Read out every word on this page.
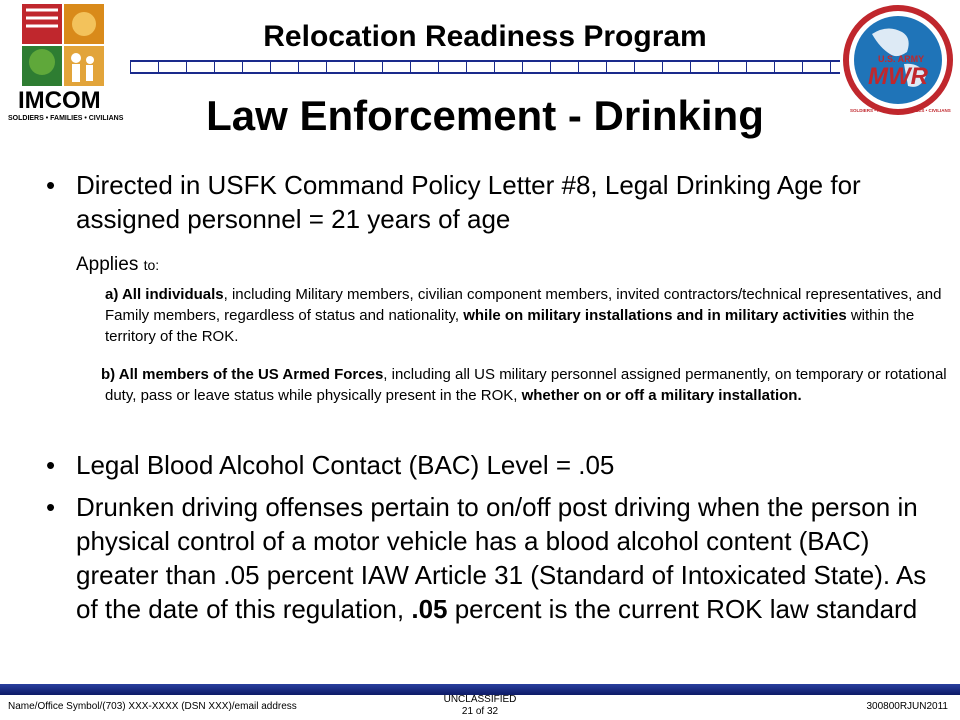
IMCOM
SOLDIERS • FAMILIES • CIVILIANS
U.S. ARMY
MWR
SOLDIERS • FAMILIES • RETIREES • CIVILIANS
Relocation Readiness Program
Law Enforcement - Drinking
• Directed in USFK Command Policy Letter #8, Legal Drinking Age for assigned personnel = 21 years of age
Applies to:
a) All individuals, including Military members, civilian component members, invited contractors/technical representatives, and Family members, regardless of status and nationality, while on military installations and in military activities within the territory of the ROK.
b) All members of the US Armed Forces, including all US military personnel assigned permanently, on temporary or rotational duty, pass or leave status while physically present in the ROK, whether on or off a military installation.
• Legal Blood Alcohol Contact (BAC) Level = .05
• Drunken driving offenses pertain to on/off post driving when the person in physical control of a motor vehicle has a blood alcohol content (BAC) greater than .05 percent IAW Article 31 (Standard of Intoxicated State). As of the date of this regulation, .05 percent is the current ROK law standard
Name/Office Symbol/(703) XXX-XXXX (DSN XXX)/email address
UNCLASSIFIED
21 of 32	300800RJUN2011
